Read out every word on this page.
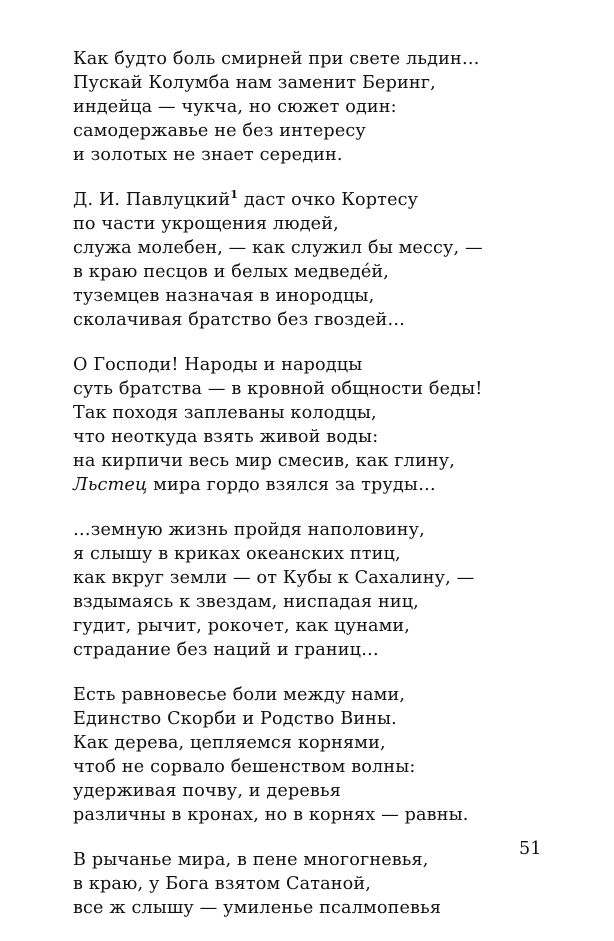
Как будто боль смирней при свете льдин…
Пускай Колумба нам заменит Беринг,
индейца — чукча, но сюжет один:
самодержавье не без интересу
и золотых не знает середин.
Д. И. Павлуцкий$^1$ даст очко Кортесу
по части укрощения людей,
служа молебен, — как служил бы мессу, —
в краю песцов и белых медведе́й,
туземцев назначая в инородцы,
сколачивая братство без гвоздей…
О Господи! Народы и народцы
суть братства — в кровной общности беды!
Так походя заплеваны колодцы,
что неоткуда взять живой воды:
на кирпичи весь мир смесив, как глину,
Льстец мира гордо взялся за труды…
…земную жизнь пройдя наполовину,
я слышу в криках океанских птиц,
как вкруг земли — от Кубы к Сахалину, —
вздымаясь к звездам, ниспадая ниц,
гудит, рычит, рокочет, как цунами,
страдание без наций и границ…
Есть равновесье боли между нами,
Единство Скорби и Родство Вины.
Как дерева, цепляемся корнями,
чтоб не сорвало бешенством волны:
удерживая почву, и деревья
различны в кронах, но в корнях — равны.
В рычанье мира, в пене многогневья,
в краю, у Бога взятом Сатаной,
все ж слышу — умиленье псалмопевья
51
